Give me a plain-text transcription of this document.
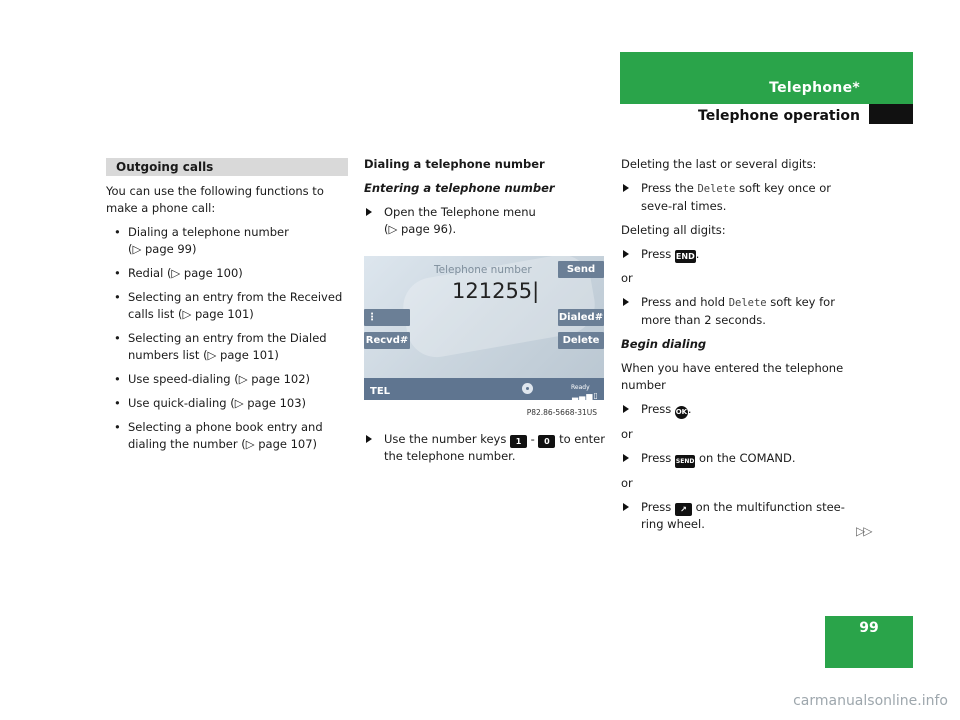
Telephone*
Telephone operation
Outgoing calls

You can use the following functions to make a phone call:

• Dialing a telephone number
(▷ page 99)
• Redial (▷ page 100)
• Selecting an entry from the Received calls list (▷ page 101)
• Selecting an entry from the Dialed numbers list (▷ page 101)
• Use speed-dialing (▷ page 102)
• Use quick-dialing (▷ page 103)
• Selecting a phone book entry and dialing the number (▷ page 107)

Dialing a telephone number

Entering a telephone number

Open the Telephone menu
(▷ page 96).
Telephone number
121255|
Send
⋮	Dialed#
Recvd#	Delete
TEL	Ready
▂▃▅▯
P82.86-5668-31US
Use the number keys 1 - 0 to enter the telephone number.

Deleting the last or several digits:

Press the Delete soft key once or seve-ral times.

Deleting all digits:

Press END.

or

Press and hold Delete soft key for more than 2 seconds.

Begin dialing

When you have entered the telephone number

Press OK.

or

Press SEND on the COMAND.

or

Press ↗ on the multifunction stee-ring wheel.	▷▷
99
carmanualsonline.info
